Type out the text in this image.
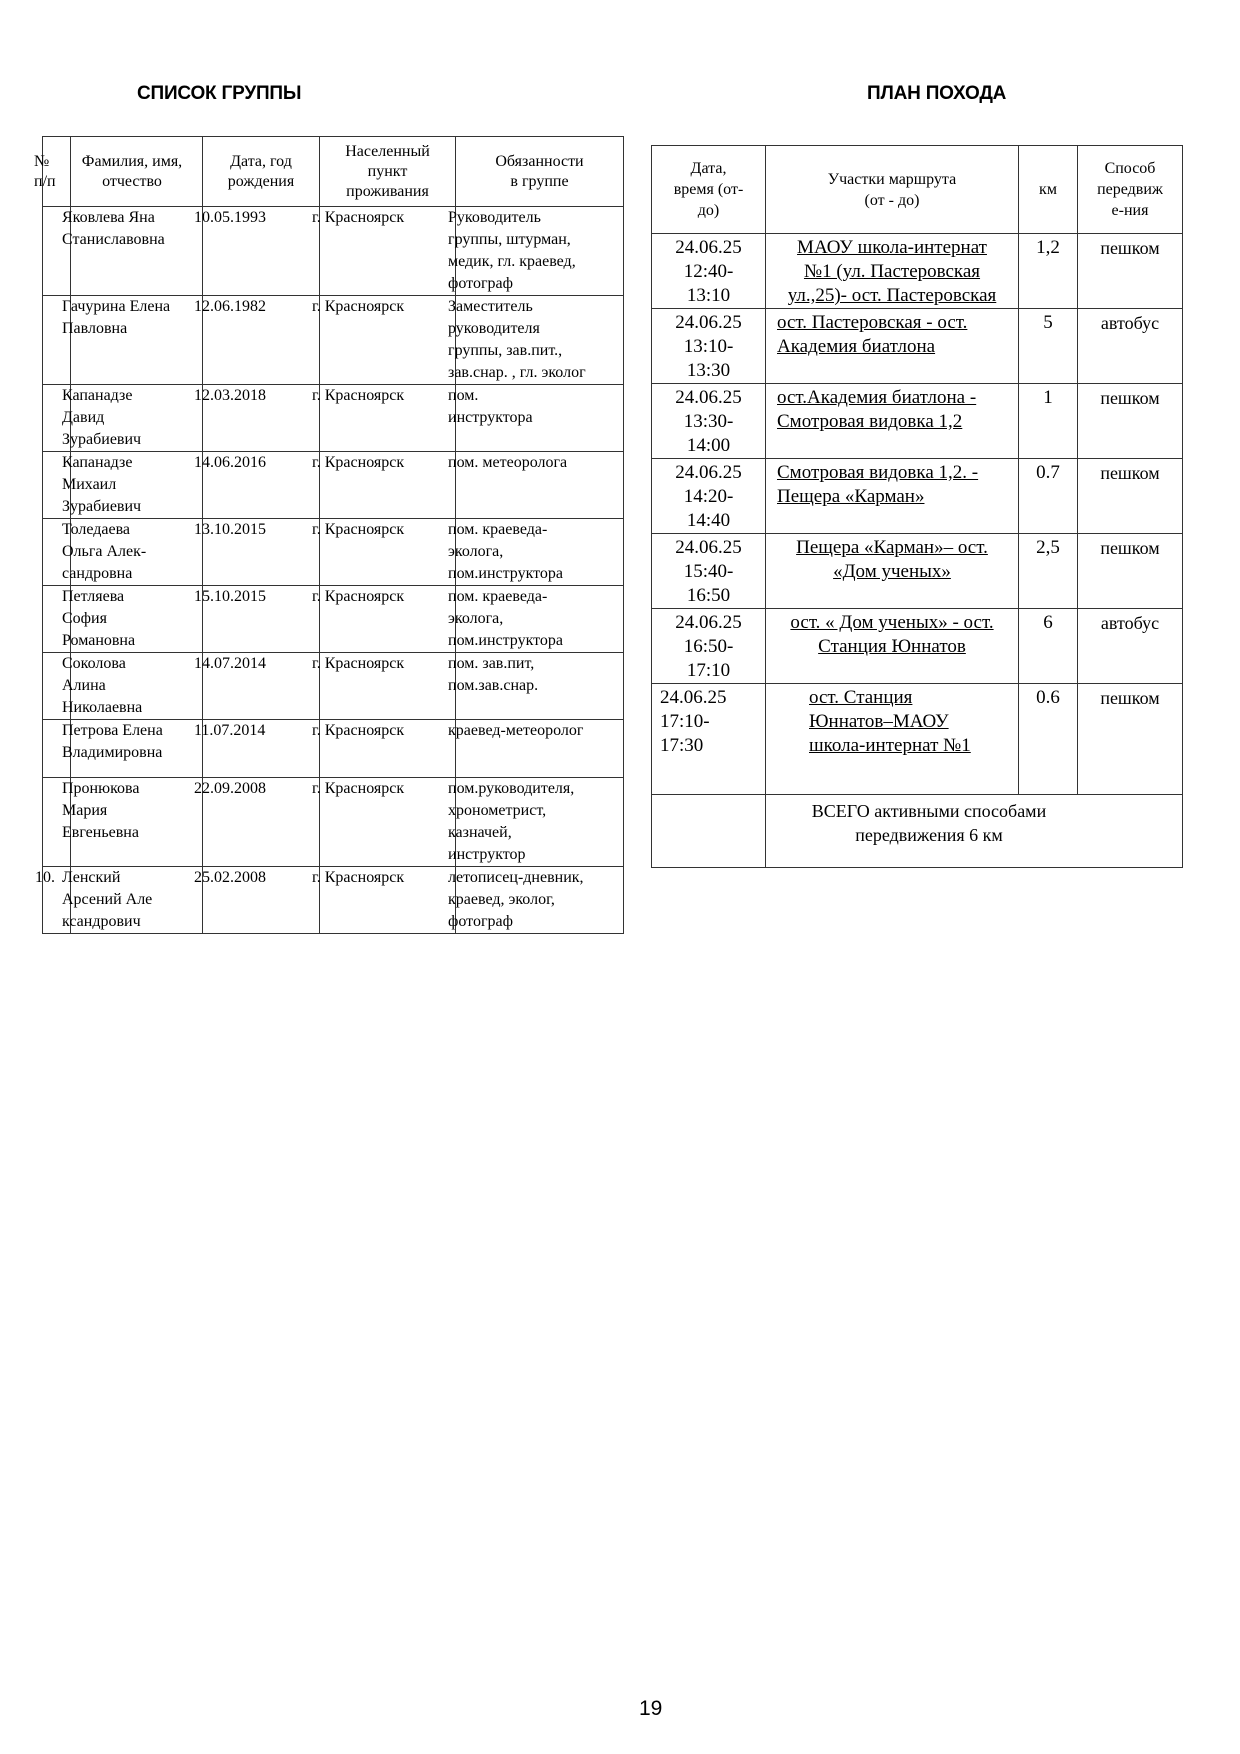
СПИСОК ГРУППЫ	ПЛАН ПОХОДА
№
п/п	Фамилия, имя,
отчество	Дата, год
рождения	Населенный
пункт
проживания	Обязанности
в группе

	Яковлева Яна
Станиславовна	10.05.1993	г. Красноярск	Руководитель
группы, штурман,
медик, гл. краевед,
фотограф

	Гачурина Елена
Павловна	12.06.1982	г. Красноярск	Заместитель
руководителя
группы, зав.пит.,
зав.снар. , гл. эколог

	Капанадзе
Давид
Зурабиевич	12.03.2018	г. Красноярск	пом.
инструктора

	Капанадзе
Михаил
Зурабиевич	14.06.2016	г. Красноярск	пом. метеоролога

	Толедаева
Ольга Алек-
сандровна	13.10.2015	г. Красноярск	пом. краеведа-
эколога,
пом.инструктора

	Петляева
София
Романовна	15.10.2015	г. Красноярск	пом. краеведа-
эколога,
пом.инструктора

	Соколова
Алина
Николаевна	14.07.2014	г. Красноярск	пом. зав.пит,
пом.зав.снар.

	Петрова Елена
Владимировна	11.07.2014	г. Красноярск	краевед-метеоролог

	Пронюкова
Мария
Евгеньевна	22.09.2008	г. Красноярск	пом.руководителя,
хронометрист,
казначей,
инструктор

10.	Ленский
Арсений Але
ксандрович	25.02.2008	г. Красноярск	летописец-дневник,
краевед, эколог,
фотограф
Дата,
время (от-
до)	Участки маршрута
(от - до)	км	Способ
передвиж
е-ния

24.06.25
12:40-
13:10	МАОУ школа-интернат
№1 (ул. Пастеровская
ул.,25)- ост. Пастеровская	1,2	пешком

24.06.25
13:10-
13:30	ост. Пастеровская - ост.
Академия биатлона	5	автобус

24.06.25
13:30-
14:00	ост.Академия биатлона -
Смотровая видовка 1,2	1	пешком

24.06.25
14:20-
14:40	Смотровая видовка 1,2. -
Пещера «Карман»	0.7	пешком

24.06.25
15:40-
16:50	Пещера «Карман»– ост.
«Дом ученых»	2,5	пешком

24.06.25
16:50-
17:10	ост. « Дом ученых» - ост.
Станция Юннатов	6	автобус

24.06.25
17:10-
17:30	ост. Станция
Юннатов–МАОУ
школа-интернат №1	0.6	пешком

	ВСЕГО активными способами
передвижения 6 км		
19
